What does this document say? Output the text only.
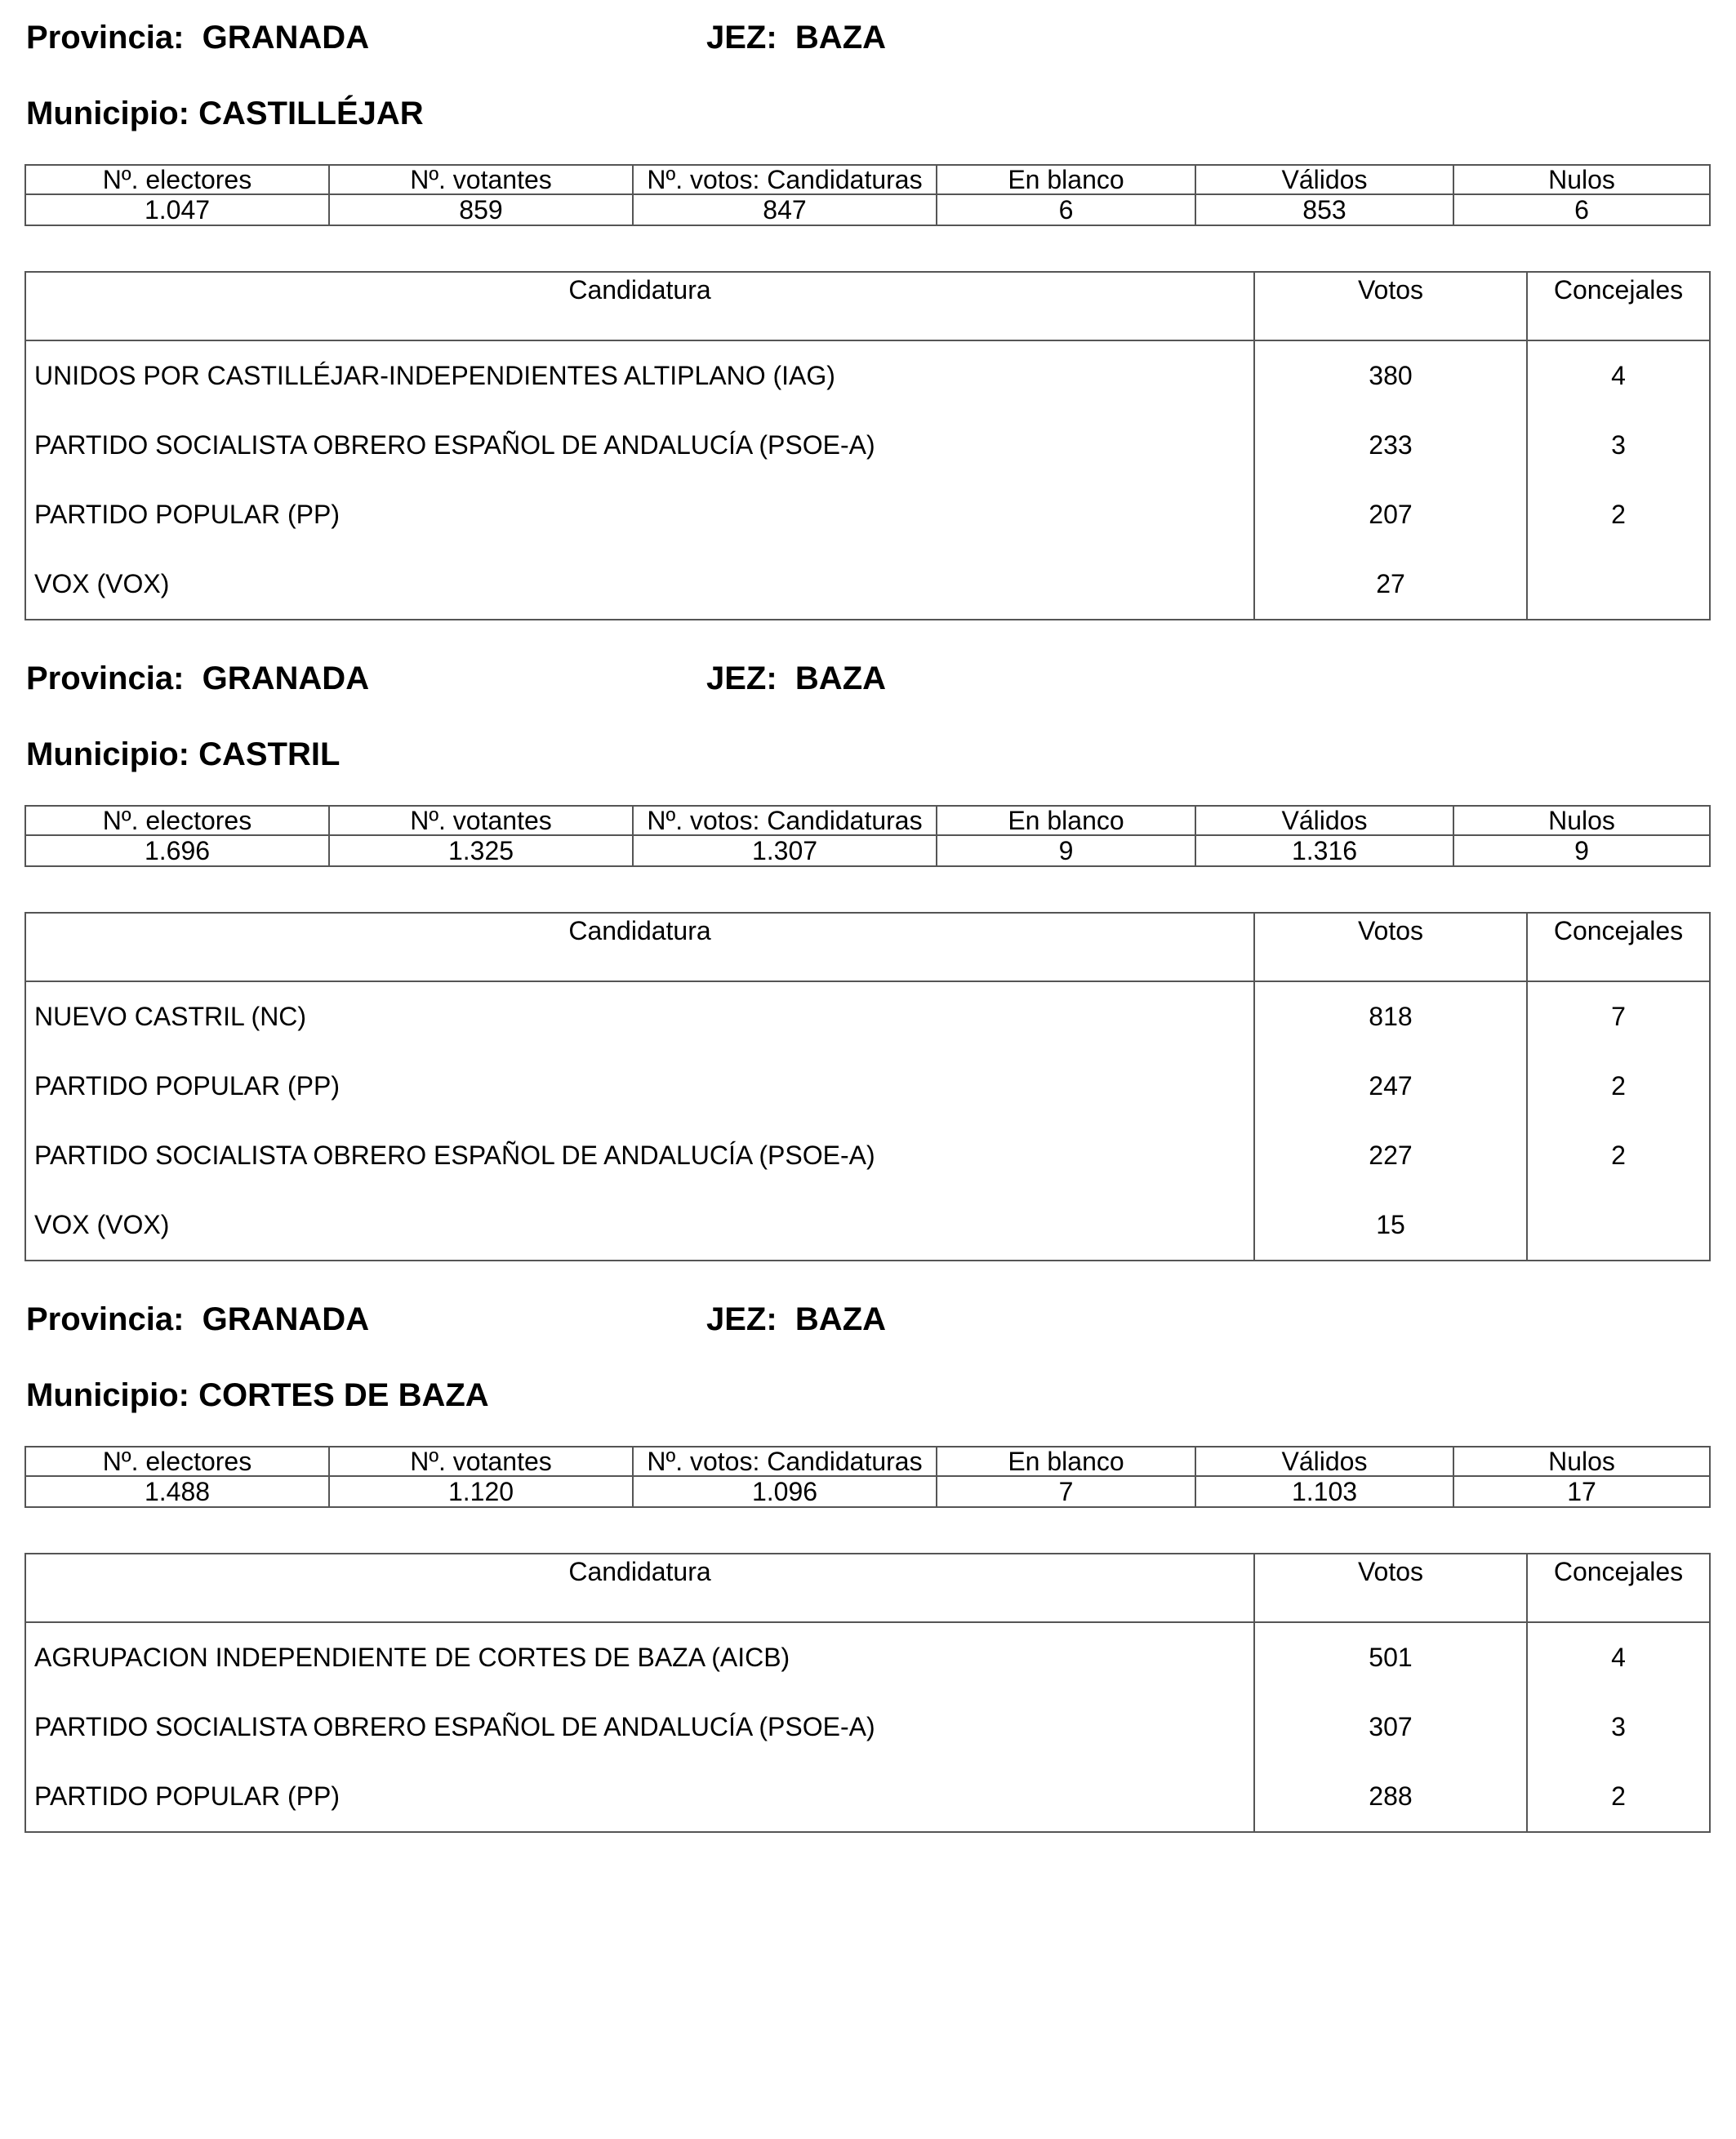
Provincia: GRANADA	JEZ: BAZA
Municipio: CASTILLÉJAR
Nº. electores	Nº. votantes	Nº. votos: Candidaturas	En blanco	Válidos	Nulos
1.047	859	847	6	853	6
Candidatura	Votos	Concejales
UNIDOS POR CASTILLÉJAR-INDEPENDIENTES ALTIPLANO (IAG)	380	4
PARTIDO SOCIALISTA OBRERO ESPAÑOL DE ANDALUCÍA (PSOE-A)	233	3
PARTIDO POPULAR (PP)	207	2
VOX (VOX)	27	
Provincia: GRANADA	JEZ: BAZA
Municipio: CASTRIL
Nº. electores	Nº. votantes	Nº. votos: Candidaturas	En blanco	Válidos	Nulos
1.696	1.325	1.307	9	1.316	9
Candidatura	Votos	Concejales
NUEVO CASTRIL (NC)	818	7
PARTIDO POPULAR (PP)	247	2
PARTIDO SOCIALISTA OBRERO ESPAÑOL DE ANDALUCÍA (PSOE-A)	227	2
VOX (VOX)	15	
Provincia: GRANADA	JEZ: BAZA
Municipio: CORTES DE BAZA
Nº. electores	Nº. votantes	Nº. votos: Candidaturas	En blanco	Válidos	Nulos
1.488	1.120	1.096	7	1.103	17
Candidatura	Votos	Concejales
AGRUPACION INDEPENDIENTE DE CORTES DE BAZA (AICB)	501	4
PARTIDO SOCIALISTA OBRERO ESPAÑOL DE ANDALUCÍA (PSOE-A)	307	3
PARTIDO POPULAR (PP)	288	2
